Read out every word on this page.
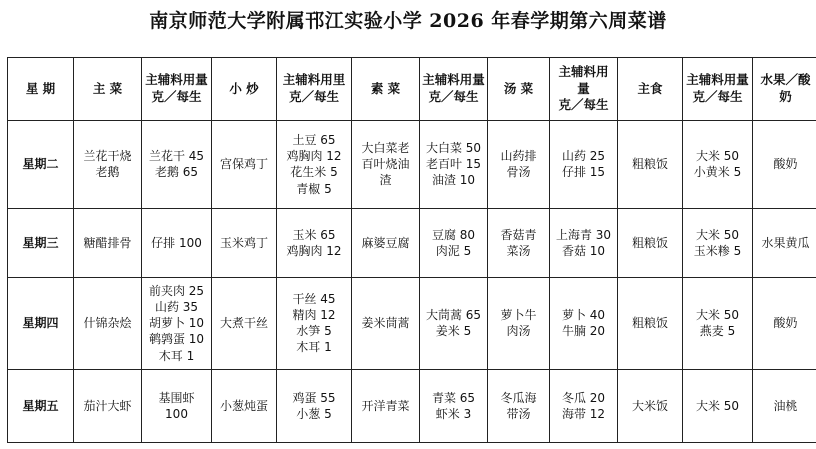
南京师范大学附属邗江实验小学 2026 年春学期第六周菜谱
星 期	主 菜	主辅料用量
克／每生	小 炒	主辅料用里
克／每生	素 菜	主辅料用量
克／每生	汤 菜	主辅料用
量
克／每生	主食	主辅料用量
克／每生	水果／酸
奶

星期二	兰花干烧
老鹅	兰花干 45
老鹅 65	宫保鸡丁	土豆 65
鸡胸肉 12
花生米 5
青椒 5	大白菜老
百叶烧油
渣	大白菜 50
老百叶 15
油渣 10	山药排
骨汤	山药 25
仔排 15	粗粮饭	大米 50
小黄米 5	酸奶

星期三	糖醋排骨	仔排 100	玉米鸡丁	玉米 65
鸡胸肉 12	麻婆豆腐	豆腐 80
肉泥 5	香菇青
菜汤	上海青 30
香菇 10	粗粮饭	大米 50
玉米糁 5	水果黄瓜

星期四	什锦杂烩	前夹肉 25
山药 35
胡萝卜 10
鹌鹑蛋 10
木耳 1	大煮干丝	干丝 45
精肉 12
水笋 5
木耳 1	姜米茼蒿	大茼蒿 65
姜米 5	萝卜牛
肉汤	萝卜 40
牛腩 20	粗粮饭	大米 50
燕麦 5	酸奶

星期五	茄汁大虾	基围虾
100	小葱炖蛋	鸡蛋 55
小葱 5	开洋青菜	青菜 65
虾米 3	冬瓜海
带汤	冬瓜 20
海带 12	大米饭	大米 50	油桃
